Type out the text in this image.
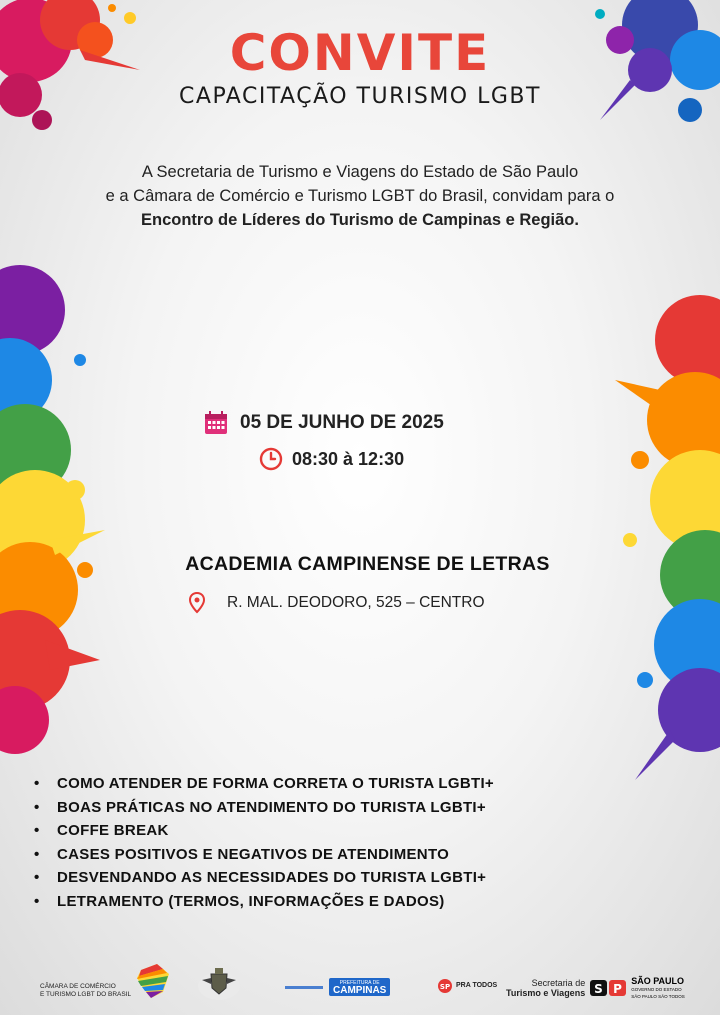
CONVITE
CAPACITAÇÃO TURISMO LGBT
A Secretaria de Turismo e Viagens do Estado de São Paulo
e a Câmara de Comércio e Turismo LGBT do Brasil, convidam para o
Encontro de Líderes do Turismo de Campinas e Região.
05 DE JUNHO DE 2025
08:30 à 12:30
ACADEMIA CAMPINENSE DE LETRAS
R. MAL. DEODORO, 525 – CENTRO
• COMO ATENDER DE FORMA CORRETA O TURISTA LGBTI+
• BOAS PRÁTICAS NO ATENDIMENTO DO TURISTA LGBTI+
• COFFE BREAK
• CASES POSITIVOS E NEGATIVOS DE ATENDIMENTO
• DESVENDANDO AS NECESSIDADES DO TURISTA LGBTI+
• LETRAMENTO (TERMOS, INFORMAÇÕES E DADOS)
CÂMARA DE COMÉRCIO
E TURISMO LGBT DO BRASIL
PREFEITURA DE
CAMPINAS	SP PRA TODOS	Secretaria de
Turismo e Viagens S P
SÃO PAULO
GOVERNO DO ESTADO
SÃO PAULO SÃO TODOS
